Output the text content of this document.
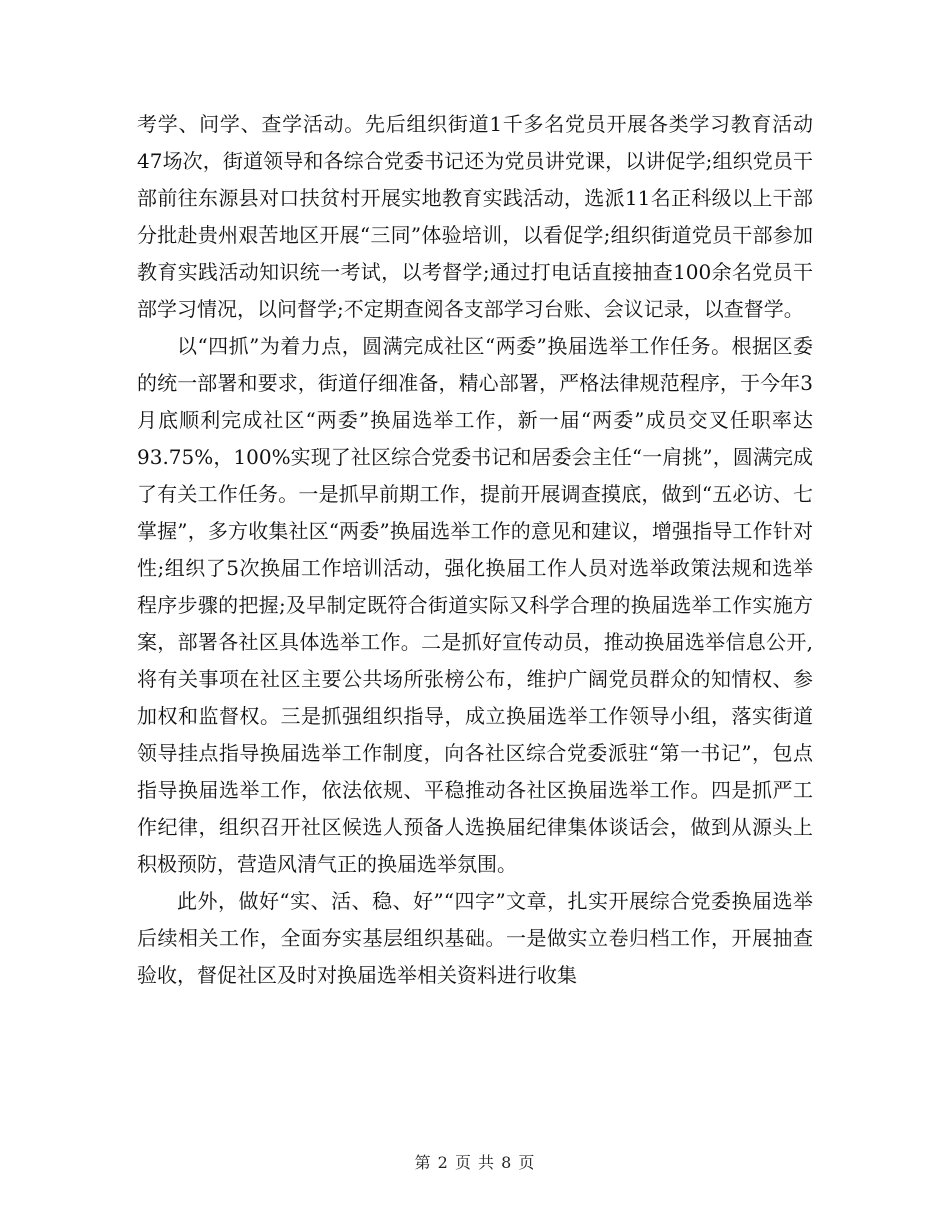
考学、问学、查学活动。先后组织街道1千多名党员开展各类学习教育活动47场次，街道领导和各综合党委书记还为党员讲党课，以讲促学;组织党员干部前往东源县对口扶贫村开展实地教育实践活动，选派11名正科级以上干部分批赴贵州艰苦地区开展“三同”体验培训，以看促学;组织街道党员干部参加教育实践活动知识统一考试，以考督学;通过打电话直接抽查100余名党员干部学习情况，以问督学;不定期查阅各支部学习台账、会议记录，以查督学。

以“四抓”为着力点，圆满完成社区“两委”换届选举工作任务。根据区委的统一部署和要求，街道仔细准备，精心部署，严格法律规范程序，于今年3月底顺利完成社区“两委”换届选举工作，新一届“两委”成员交叉任职率达93.75%，100%实现了社区综合党委书记和居委会主任“一肩挑”，圆满完成了有关工作任务。一是抓早前期工作，提前开展调查摸底，做到“五必访、七掌握”，多方收集社区“两委”换届选举工作的意见和建议，增强指导工作针对性;组织了5次换届工作培训活动，强化换届工作人员对选举政策法规和选举程序步骤的把握;及早制定既符合街道实际又科学合理的换届选举工作实施方案，部署各社区具体选举工作。二是抓好宣传动员，推动换届选举信息公开,将有关事项在社区主要公共场所张榜公布，维护广阔党员群众的知情权、参加权和监督权。三是抓强组织指导，成立换届选举工作领导小组，落实街道领导挂点指导换届选举工作制度，向各社区综合党委派驻“第一书记”，包点指导换届选举工作，依法依规、平稳推动各社区换届选举工作。四是抓严工作纪律，组织召开社区候选人预备人选换届纪律集体谈话会，做到从源头上积极预防，营造风清气正的换届选举氛围。

此外，做好“实、活、稳、好”“四字”文章，扎实开展综合党委换届选举后续相关工作，全面夯实基层组织基础。一是做实立卷归档工作，开展抽查验收，督促社区及时对换届选举相关资料进行收集

第 2 页 共 8 页
